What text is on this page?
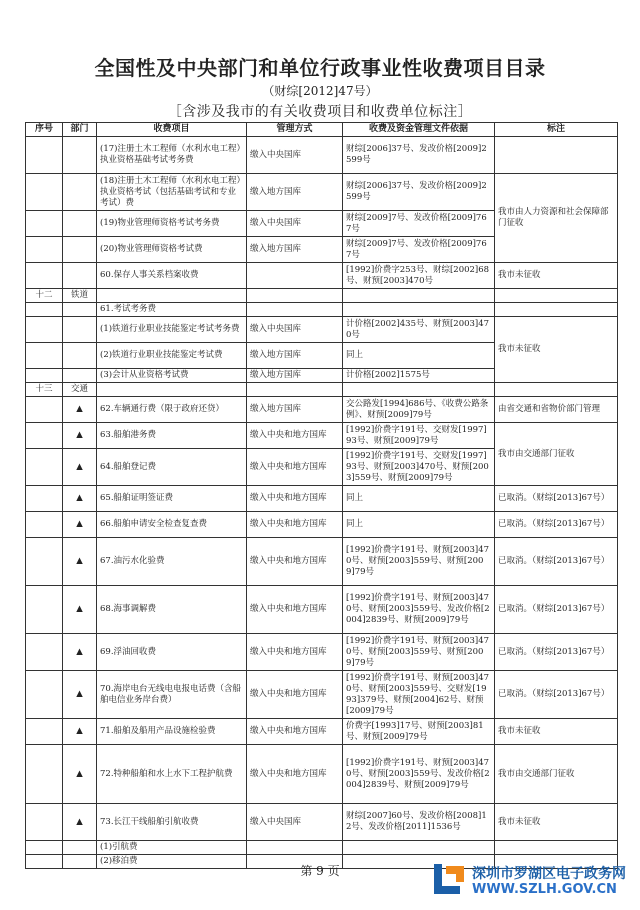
全国性及中央部门和单位行政事业性收费项目目录
（财综[2012]47号）
［含涉及我市的有关收费项目和收费单位标注］
序号	部门	收费项目	管理方式	收费及资金管理文件依据	标注
		(17)注册土木工程师（水利水电工程）执业资格基础考试考务费	缴入中央国库	财综[2006]37号、发改价格[2009]2599号	
		(18)注册土木工程师（水利水电工程）执业资格考试（包括基础考试和专业考试）费	缴入地方国库	财综[2006]37号、发改价格[2009]2599号	我市由人力资源和社会保障部门征收
		(19)物业管理师资格考试考务费	缴入中央国库	财综[2009]7号、发改价格[2009]767号	
		(20)物业管理师资格考试费	缴入地方国库	财综[2009]7号、发改价格[2009]767号	
		60.保存人事关系档案收费		[1992]价费字253号、财综[2002]68号、财预[2003]470号	我市未征收
十二	铁道				
		61.考试考务费			
		(1)铁道行业职业技能鉴定考试考务费	缴入中央国库	计价格[2002]435号、财预[2003]470号	我市未征收
		(2)铁道行业职业技能鉴定考试费	缴入地方国库	同上	
		(3)会计从业资格考试费	缴入地方国库	计价格[2002]1575号	
十三	交通				
	▲	62.车辆通行费（限于政府还贷）	缴入地方国库	交公路发[1994]686号、《收费公路条例》、财预[2009]79号	由省交通和省物价部门管理
	▲	63.船舶港务费	缴入中央和地方国库	[1992]价费字191号、交财发[1997]93号、财预[2009]79号	我市由交通部门征收
	▲	64.船舶登记费	缴入中央和地方国库	[1992]价费字191号、交财发[1997]93号、财预[2003]470号、财预[2003]559号、财预[2009]79号	
	▲	65.船舶证明签证费	缴入中央和地方国库	同上	已取消。（财综[2013]67号）
	▲	66.船舶申请安全检查复查费	缴入中央和地方国库	同上	已取消。（财综[2013]67号）
	▲	67.油污水化验费	缴入中央和地方国库	[1992]价费字191号、财预[2003]470号、财预[2003]559号、财预[2009]79号	已取消。（财综[2013]67号）
	▲	68.海事调解费	缴入中央和地方国库	[1992]价费字191号、财预[2003]470号、财预[2003]559号、发改价格[2004]2839号、财预[2009]79号	已取消。（财综[2013]67号）
	▲	69.浮油回收费	缴入中央和地方国库	[1992]价费字191号、财预[2003]470号、财预[2003]559号、财预[2009]79号	已取消。（财综[2013]67号）
	▲	70.海岸电台无线电电报电话费（含船舶电信业务岸台费）	缴入中央和地方国库	[1992]价费字191号、财预[2003]470号、财预[2003]559号、交财发[1993]379号、财预[2004]62号、财预[2009]79号	已取消。（财综[2013]67号）
	▲	71.船舶及船用产品设施检验费	缴入中央和地方国库	价费字[1993]17号、财预[2003]81号、财预[2009]79号	我市未征收
	▲	72.特种船舶和水上水下工程护航费	缴入中央和地方国库	[1992]价费字191号、财预[2003]470号、财预[2003]559号、发改价格[2004]2839号、财预[2009]79号	我市由交通部门征收
	▲	73.长江干线船舶引航收费	缴入中央国库	财综[2007]60号、发改价格[2008]12号、发改价格[2011]1536号	我市未征收
		(1)引航费			
		(2)移泊费			
第 9 页	深圳市罗湖区电子政务网
WWW.SZLH.GOV.CN
